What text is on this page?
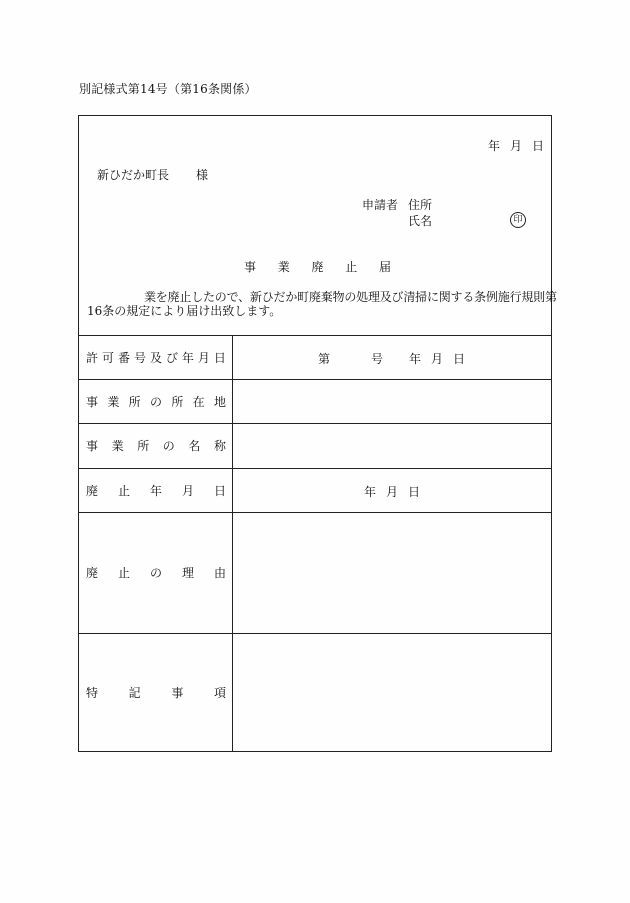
別記様式第14号（第16条関係）
年 月 日
新ひだか町長 様
申請者 住所
氏名	印
事 業 廃 止 届
業を廃止したので、新ひだか町廃棄物の処理及び清掃に関する条例施行規則第
16条の規定により届け出致します。
許 可 番 号 及 び 年 月 日	第	号 年 月 日
事 業 所 の 所 在 地
事 業 所 の 名 称
廃 止 年 月 日	年 月 日
廃 止 の 理 由
特	記	事	項
